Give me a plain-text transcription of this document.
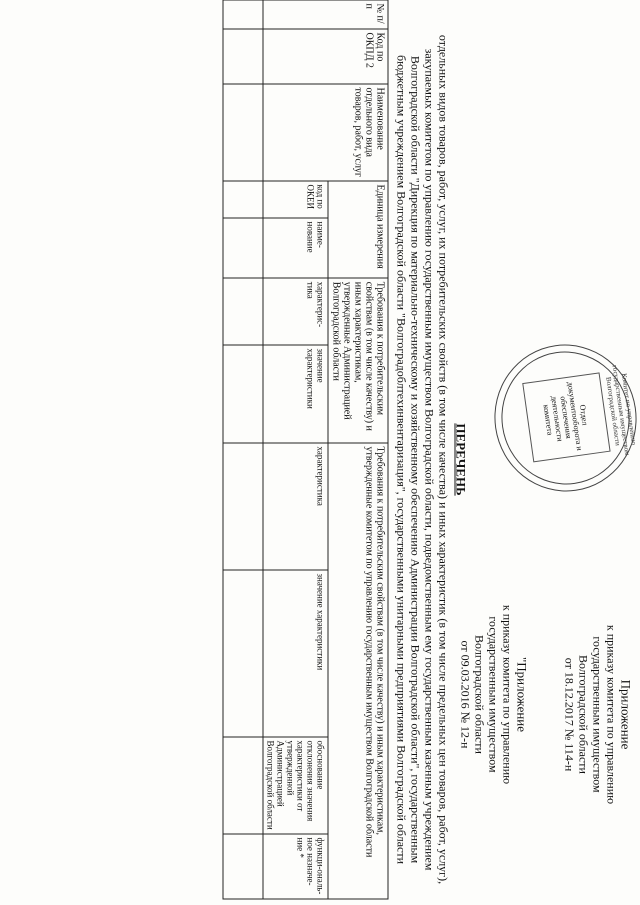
Приложение
к приказу комитета по управлению
государственным имуществом
Волгоградской области
от 18.12.2017 № 114-н
"Приложение
к приказу комитета по управлению
государственным имуществом
Волгоградской области
от 09.03.2016 № 12-н
Комитет по управлению государственным имуществом Волгоградской области
Отдел документооборота и обеспечения деятельности комитета
ПЕРЕЧЕНЬ
отдельных видов товаров, работ, услуг, их потребительских свойств (в том числе качества) и иных характеристик (в том числе предельных цен товаров, работ, услуг), закупаемых комитетом по управлению государственным имуществом Волгоградской области, подведомственным ему государственным казенным учреждением Волгоградской области "Дирекция по материально-техническому и хозяйственному обеспечению Администрации Волгоградской области", государственным бюджетным учреждением Волгоградской области "Волгоградоблтехинвентаризация", государственными унитарными предприятиями Волгоградской области
№ п/п	Код по ОКПД 2	Наименование отдельного вида товаров, работ, услуг	Единица измерения		Требования к потребительским свойствам (в том числе качеству) и иным характеристикам, утвержденные Администрацией Волгоградской области		Требования к потребительским свойствам (в том числе качеству) и иным характеристикам, утвержденные комитетом по управлению государственным имуществом Волгоградской области			
			код по ОКЕИ	наиме-нование	характерис-тика	значение характеристики	характеристика	значение характеристики	обоснование отклонения значения характеристики от утвержденной Администрацией Волгоградской области	функци-ональ-ное назначе-ние *
